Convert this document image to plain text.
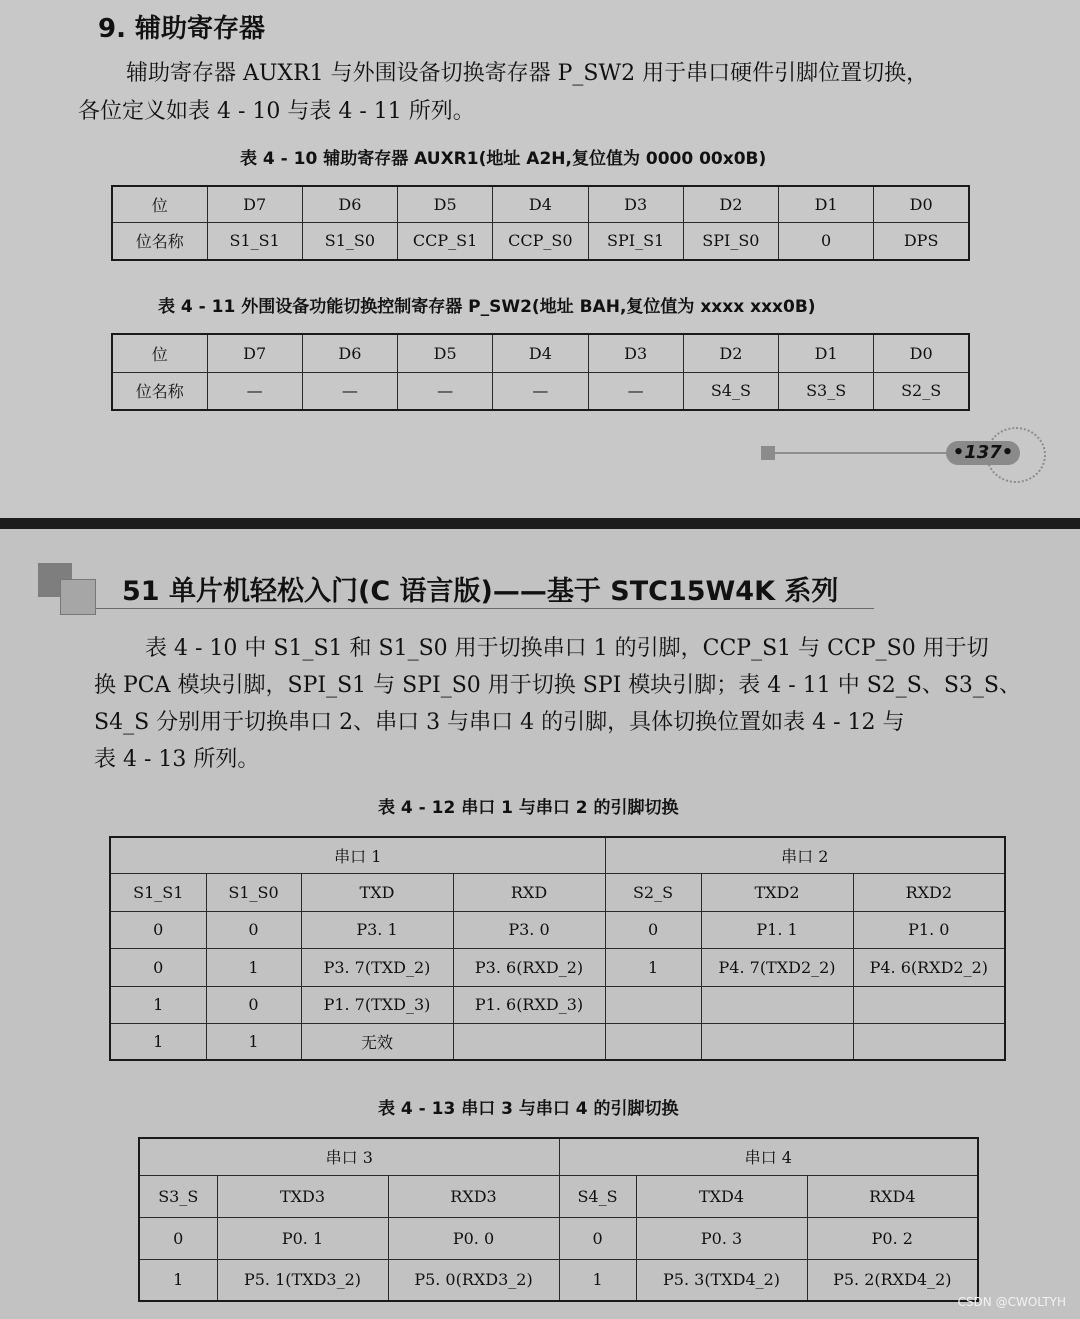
9. 辅助寄存器
辅助寄存器 AUXR1 与外围设备切换寄存器 P_SW2 用于串口硬件引脚位置切换，
各位定义如表 4 - 10 与表 4 - 11 所列。
表 4 - 10 辅助寄存器 AUXR1(地址 A2H,复位值为 0000 00x0B)
位	D7	D6	D5	D4	D3	D2	D1	D0
位名称	S1_S1	S1_S0	CCP_S1	CCP_S0	SPI_S1	SPI_S0	0	DPS
表 4 - 11 外围设备功能切换控制寄存器 P_SW2(地址 BAH,复位值为 xxxx xxx0B)
位	D7	D6	D5	D4	D3	D2	D1	D0
位名称	—	—	—	—	—	S4_S	S3_S	S2_S
•137•
51 单片机轻松入门(C 语言版)——基于 STC15W4K 系列
表 4 - 10 中 S1_S1 和 S1_S0 用于切换串口 1 的引脚，CCP_S1 与 CCP_S0 用于切
换 PCA 模块引脚，SPI_S1 与 SPI_S0 用于切换 SPI 模块引脚；表 4 - 11 中 S2_S、S3_S、
S4_S 分别用于切换串口 2、串口 3 与串口 4 的引脚，具体切换位置如表 4 - 12 与
表 4 - 13 所列。
表 4 - 12 串口 1 与串口 2 的引脚切换
串口 1				串口 2		
S1_S1	S1_S0	TXD	RXD	S2_S	TXD2	RXD2
0	0	P3. 1	P3. 0	0	P1. 1	P1. 0
0	1	P3. 7(TXD_2)	P3. 6(RXD_2)	1	P4. 7(TXD2_2)	P4. 6(RXD2_2)
1	0	P1. 7(TXD_3)	P1. 6(RXD_3)			
1	1	无效				
表 4 - 13 串口 3 与串口 4 的引脚切换
串口 3			串口 4		
S3_S	TXD3	RXD3	S4_S	TXD4	RXD4
0	P0. 1	P0. 0	0	P0. 3	P0. 2
1	P5. 1(TXD3_2)	P5. 0(RXD3_2)	1	P5. 3(TXD4_2)	P5. 2(RXD4_2)
CSDN @CWOLTYH
